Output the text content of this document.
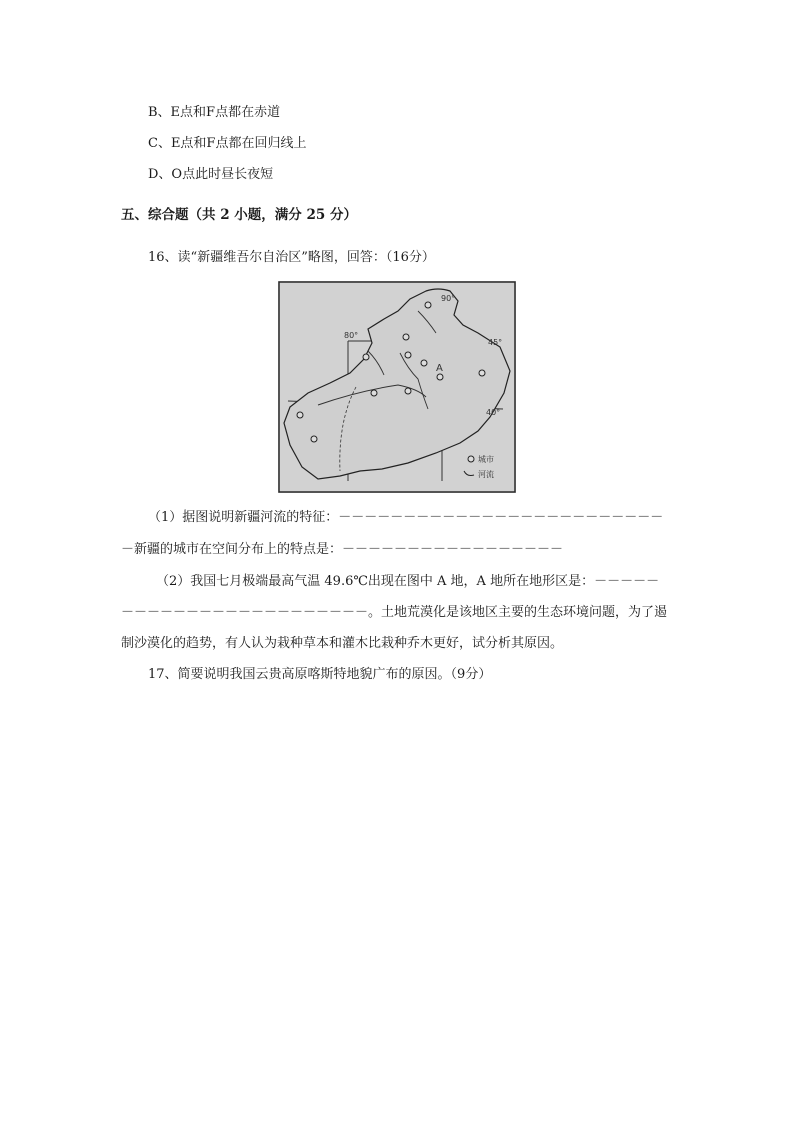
B、E点和F点都在赤道
C、E点和F点都在回归线上
D、O点此时昼长夜短
五、综合题（共 2 小题，满分 25 分）
16、读“新疆维吾尔自治区”略图，回答：（16分）
80°
90°
45°
40°
A
城市
河流
（1）据图说明新疆河流的特征：－－－－－－－－－－－－－－－－－－－－－－－－－
－新疆的城市在空间分布上的特点是：－－－－－－－－－－－－－－－－－
（2）我国七月极端最高气温 49.6℃出现在图中 A 地，A 地所在地形区是：－－－－－
－－－－－－－－－－－－－－－－－－－。土地荒漠化是该地区主要的生态环境问题，为了遏
制沙漠化的趋势，有人认为栽种草本和灌木比栽种乔木更好，试分析其原因。
17、简要说明我国云贵高原喀斯特地貌广布的原因。（9分）
